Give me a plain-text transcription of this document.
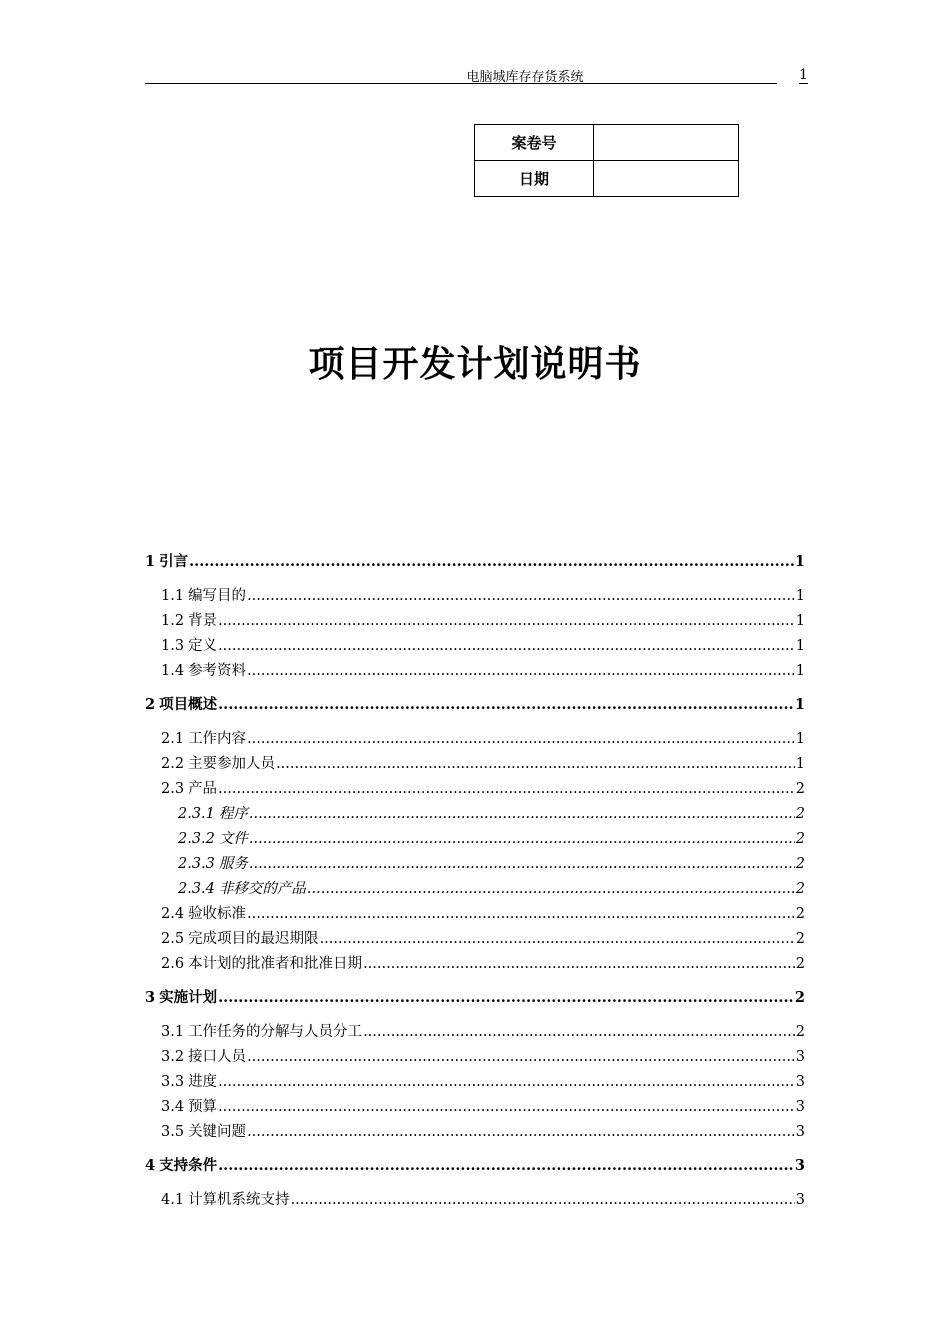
电脑城库存存货系统	1
案卷号	
日期	
项目开发计划说明书
1 引言 .....	1
1.1 编写目的 .....	1
1.2 背景 .....	1
1.3 定义 .....	1
1.4 参考资料 .....	1
2 项目概述 .....	1
2.1 工作内容 .....	1
2.2 主要参加人员 .....	1
2.3 产品 .....	2
2.3.1 程序 .....	2
2.3.2 文件 .....	2
2.3.3 服务 .....	2
2.3.4 非移交的产品 .....	2
2.4 验收标准 .....	2
2.5 完成项目的最迟期限 .....	2
2.6 本计划的批准者和批准日期 .....	2
3 实施计划 .....	2
3.1 工作任务的分解与人员分工 .....	2
3.2 接口人员 .....	3
3.3 进度 .....	3
3.4 预算 .....	3
3.5 关键问题 .....	3
4 支持条件 .....	3
4.1 计算机系统支持 .....	3
